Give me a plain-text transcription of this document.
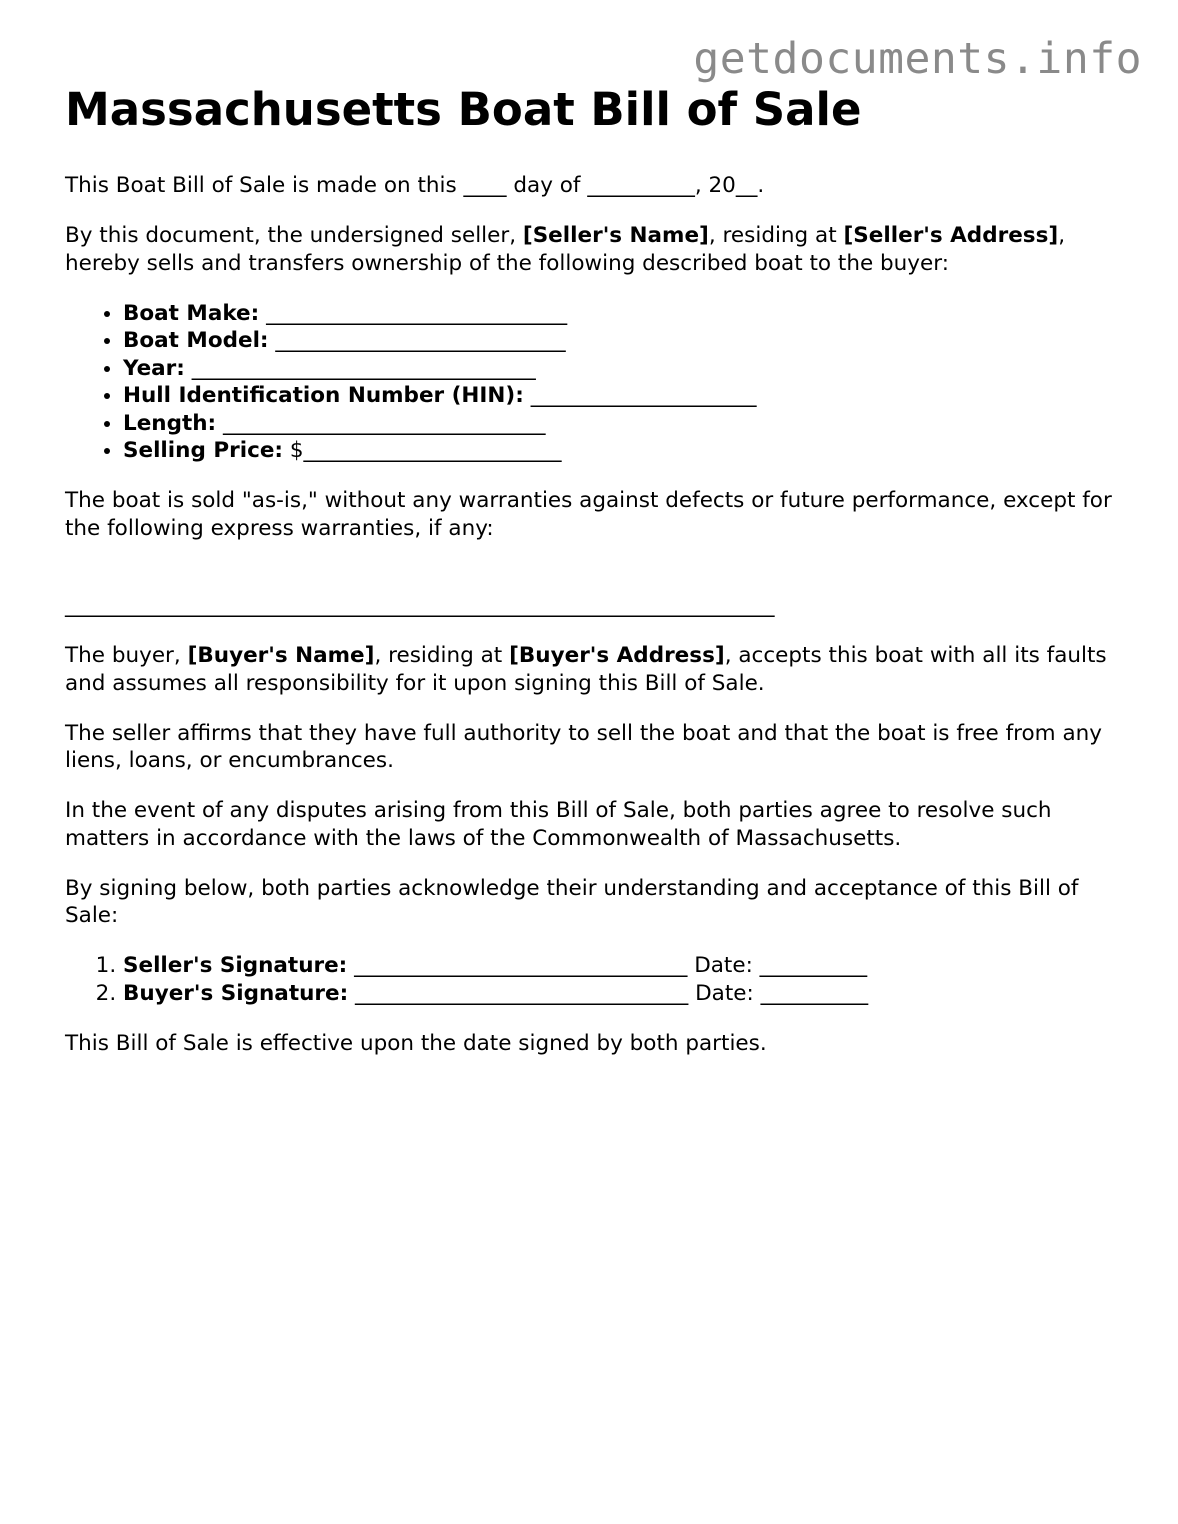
getdocuments.info
Massachusetts Boat Bill of Sale

This Boat Bill of Sale is made on this ____ day of __________, 20__.

By this document, the undersigned seller, [Seller's Name], residing at [Seller's Address], hereby sells and transfers ownership of the following described boat to the buyer:

• Boat Make: ____________________________
• Boat Model: ___________________________
• Year: ________________________________
• Hull Identification Number (HIN): _____________________
• Length: ______________________________
• Selling Price: $________________________

The boat is sold "as-is," without any warranties against defects or future performance, except for the following express warranties, if any:

__________________________________________________________________

The buyer, [Buyer's Name], residing at [Buyer's Address], accepts this boat with all its faults and assumes all responsibility for it upon signing this Bill of Sale.

The seller affirms that they have full authority to sell the boat and that the boat is free from any liens, loans, or encumbrances.

In the event of any disputes arising from this Bill of Sale, both parties agree to resolve such matters in accordance with the laws of the Commonwealth of Massachusetts.

By signing below, both parties acknowledge their understanding and acceptance of this Bill of Sale:

1. Seller's Signature: _______________________________ Date: __________
2. Buyer's Signature: _______________________________ Date: __________

This Bill of Sale is effective upon the date signed by both parties.
